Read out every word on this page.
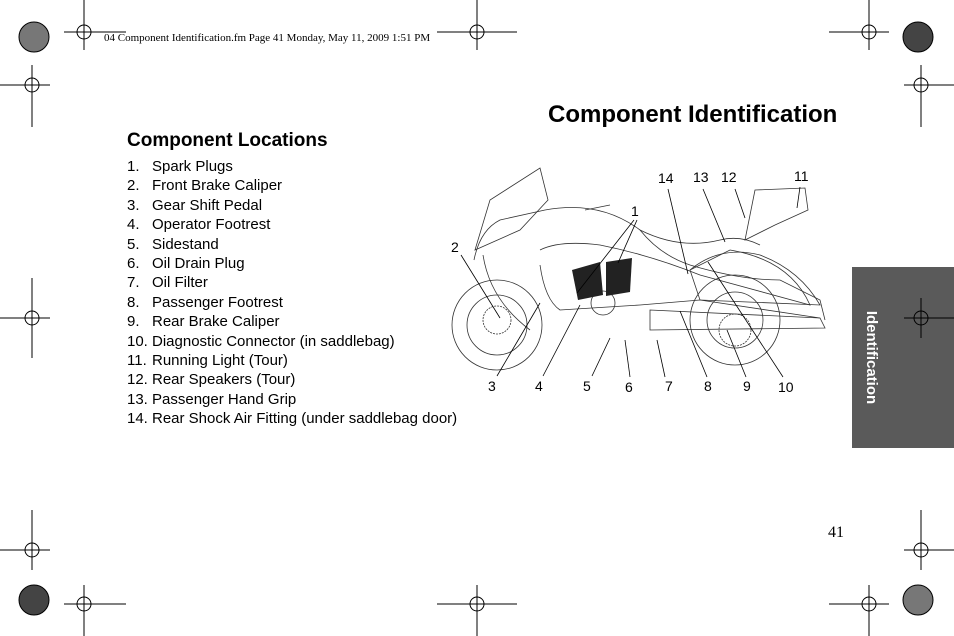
04 Component Identification.fm Page 41 Monday, May 11, 2009 1:51 PM
Component Identification
Component Locations
1. Spark Plugs
2. Front Brake Caliper
3. Gear Shift Pedal
4. Operator Footrest
5. Sidestand
6. Oil Drain Plug
7. Oil Filter
8. Passenger Footrest
9. Rear Brake Caliper
10. Diagnostic Connector (in saddlebag)
11. Running Light (Tour)
12. Rear Speakers (Tour)
13. Passenger Hand Grip
14. Rear Shock Air Fitting (under saddlebag door)
1
2
3	4	5 6 7 8 9 10
11
12
13
14
Identification
41
